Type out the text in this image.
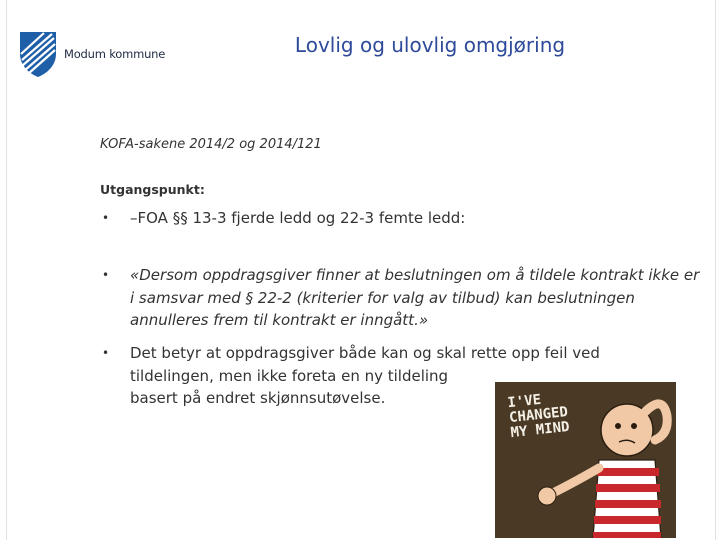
Modum kommune	Lovlig og ulovlig omgjøring
KOFA-sakene 2014/2 og 2014/121
Utgangspunkt:
•	–FOA §§ 13-3 fjerde ledd og 22-3 femte ledd:
•	«Dersom oppdragsgiver finner at beslutningen om å tildele kontrakt ikke er i samsvar med § 22-2 (kriterier for valg av tilbud) kan beslutningen annulleres frem til kontrakt er inngått.»
•	Det betyr at oppdragsgiver både kan og skal rette opp feil ved
tildelingen, men ikke foreta en ny tildeling
basert på endret skjønnsutøvelse.	I'VE CHANGED MY MIND
